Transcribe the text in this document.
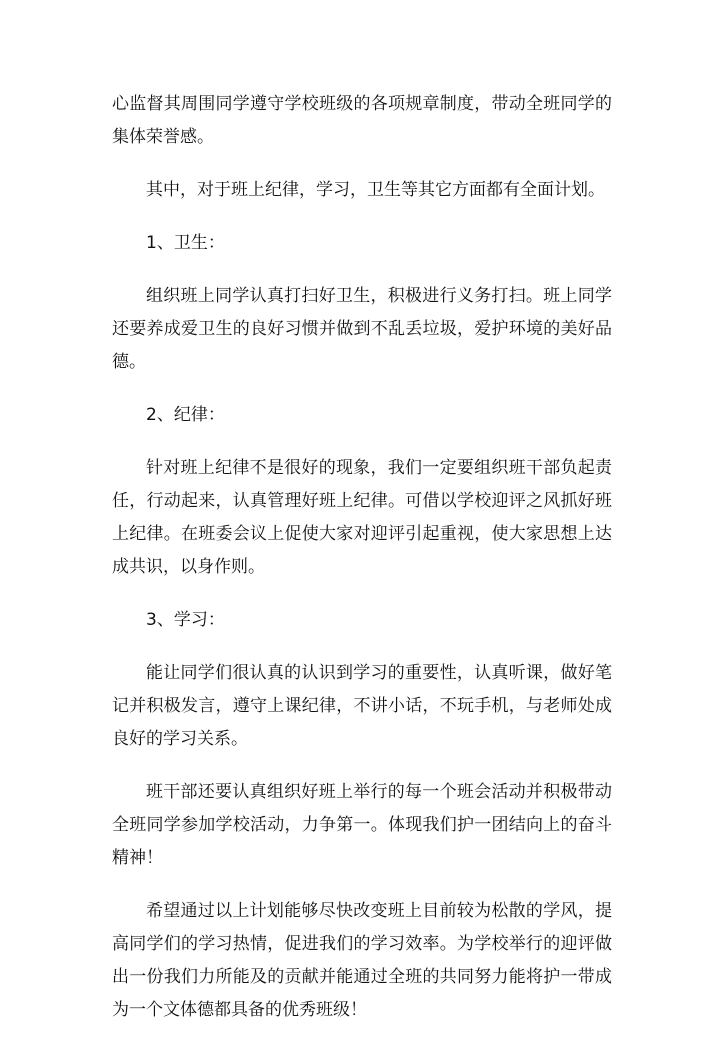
心监督其周围同学遵守学校班级的各项规章制度，带动全班同学的集体荣誉感。

其中，对于班上纪律，学习，卫生等其它方面都有全面计划。

1、卫生：

组织班上同学认真打扫好卫生，积极进行义务打扫。班上同学还要养成爱卫生的良好习惯并做到不乱丢垃圾，爱护环境的美好品德。

2、纪律：

针对班上纪律不是很好的现象，我们一定要组织班干部负起责任，行动起来，认真管理好班上纪律。可借以学校迎评之风抓好班上纪律。在班委会议上促使大家对迎评引起重视，使大家思想上达成共识，以身作则。

3、学习：

能让同学们很认真的认识到学习的重要性，认真听课，做好笔记并积极发言，遵守上课纪律，不讲小话，不玩手机，与老师处成良好的学习关系。

班干部还要认真组织好班上举行的每一个班会活动并积极带动全班同学参加学校活动，力争第一。体现我们护一团结向上的奋斗精神！

希望通过以上计划能够尽快改变班上目前较为松散的学风，提高同学们的学习热情，促进我们的学习效率。为学校举行的迎评做出一份我们力所能及的贡献并能通过全班的共同努力能将护一带成为一个文体德都具备的优秀班级！
